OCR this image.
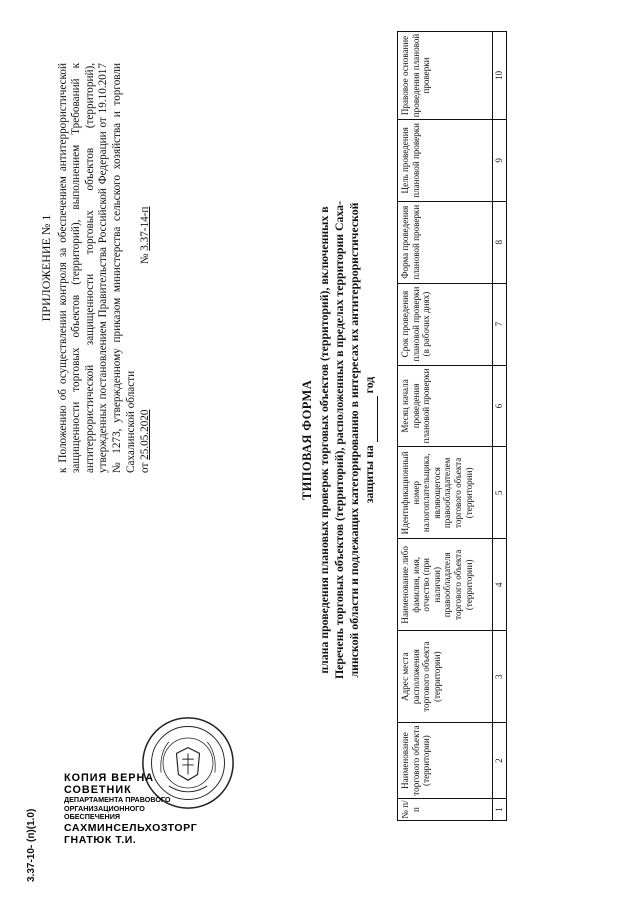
ПРИЛОЖЕНИЕ № 1 к Положению об осуществлении контроля за обеспечением антитеррористической защищенности торговых объектов (территорий), выполнением Требований к антитеррористической защищенности торговых объектов (территорий), утвержденных постановлением Правительства Российской Федерации от 19.10.2017 № 1273, утвержденному приказом министерства сельского хозяйства и торговли Сахалинской области от 25.05.2020  № 3.37-14-п
ТИПОВАЯ ФОРМА плана проведения плановых проверок торговых объектов (территорий), включенных в Перечень торговых объектов (территорий), расположенных в пределах территории Саха- линской области и подлежащих категорированию в интересах их антитеррористической защиты на   год
№ п/ п	Наименование торгового объекта (территории)	Адрес места расположения торгового объекта (территории)	Наименование либо фамилия, имя, отчество (при наличии) правообладателя торгового объекта (территории)	Идентификационный номер налогоплательщика, являющегося правообладателем торгового объекта (территории)	Месяц начала проведения плановой проверки	Срок проведения плановой проверки (в рабочих днях)	Форма проведения плановой проверки	Цель проведения плановой проверки	Правовое основание проведения плановой проверки
1	2	3	4	5	6	7	8	9	10
3.37-10- (п)(1.0)
КОПИЯ ВЕРНА
СОВЕТНИК
ДЕПАРТАМЕНТА ПРАВОВОГО
ОРГАНИЗАЦИОННОГО
ОБЕСПЕЧЕНИЯ
САХМИНСЕЛЬХОЗТОРГ
ГНАТЮК Т.И.
